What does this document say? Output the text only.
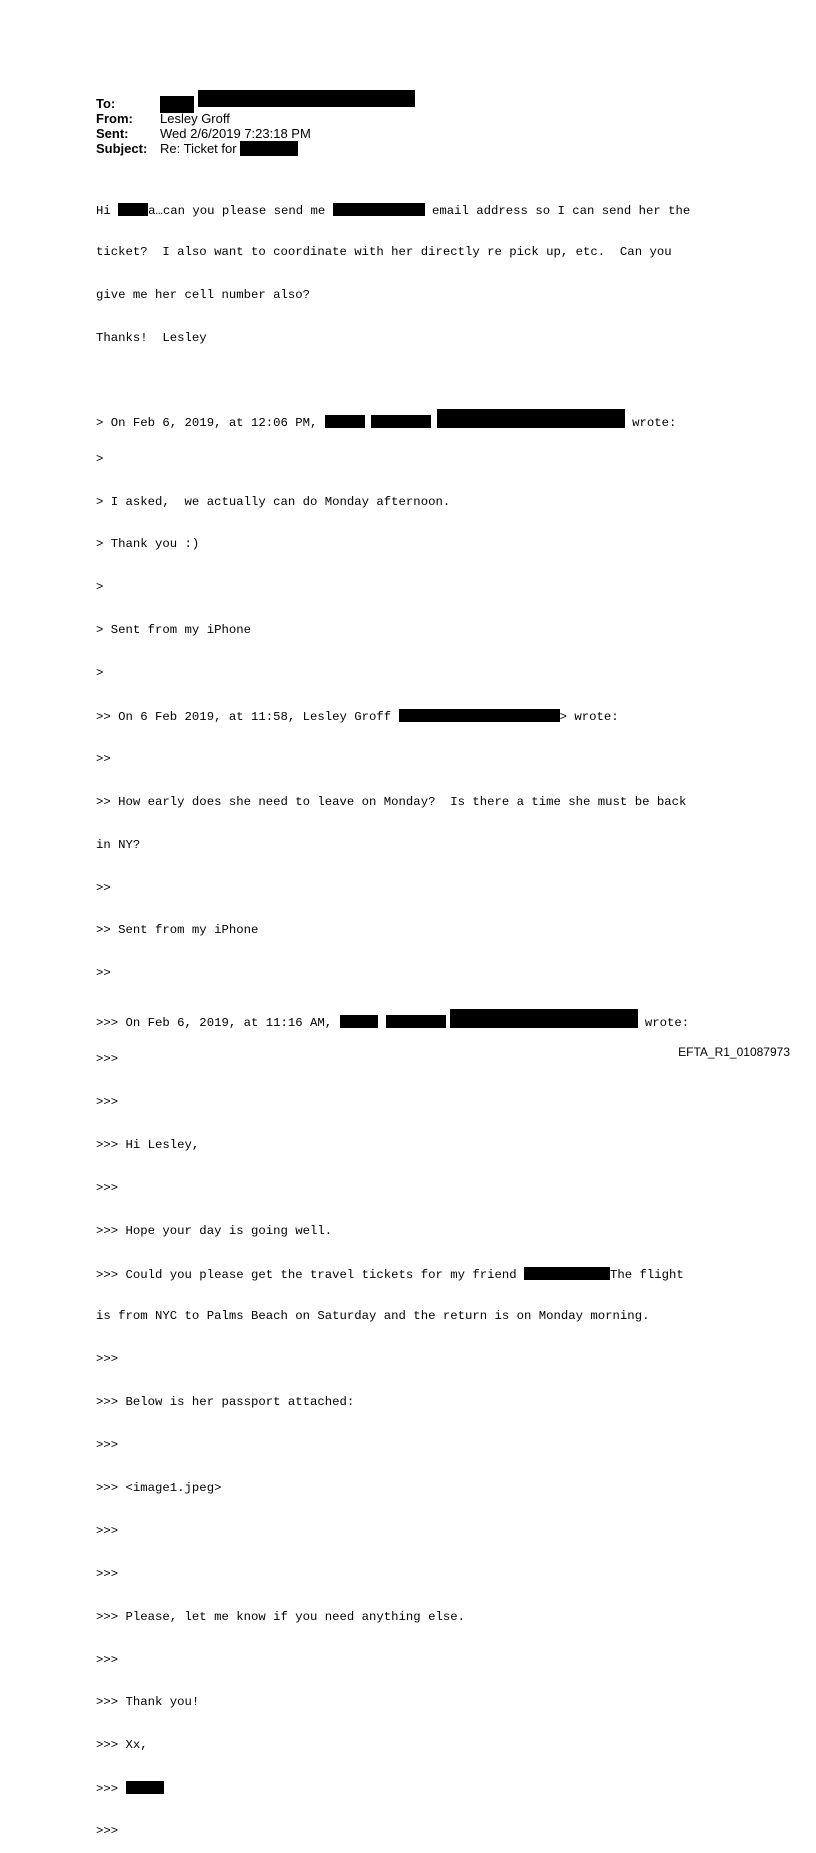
To:
From:	Lesley Groff
Sent:	Wed 2/6/2019 7:23:18 PM
Subject: Re: Ticket for

Hi a…can you please send me	email address so I can send her the

ticket?  I also want to coordinate with her directly re pick up, etc.  Can you

give me her cell number also?

Thanks!  Lesley

> On Feb 6, 2019, at 12:06 PM,	wrote:

>

> I asked,  we actually can do Monday afternoon.

> Thank you :)

>

> Sent from my iPhone

>

>> On 6 Feb 2019, at 11:58, Lesley Groff	> wrote:

>>

>> How early does she need to leave on Monday?  Is there a time she must be back

in NY?

>>

>> Sent from my iPhone

>>

>>> On Feb 6, 2019, at 11:16 AM,	wrote:

>>>

>>>

>>> Hi Lesley,

>>>

>>> Hope your day is going well.

>>> Could you please get the travel tickets for my friend	The flight

is from NYC to Palms Beach on Saturday and the return is on Monday morning.

>>>

>>> Below is her passport attached:

>>>

>>> <image1.jpeg>

>>>

>>>

>>> Please, let me know if you need anything else.

>>>

>>> Thank you!

>>> Xx,

>>>

>>>

EFTA_R1_01087973
